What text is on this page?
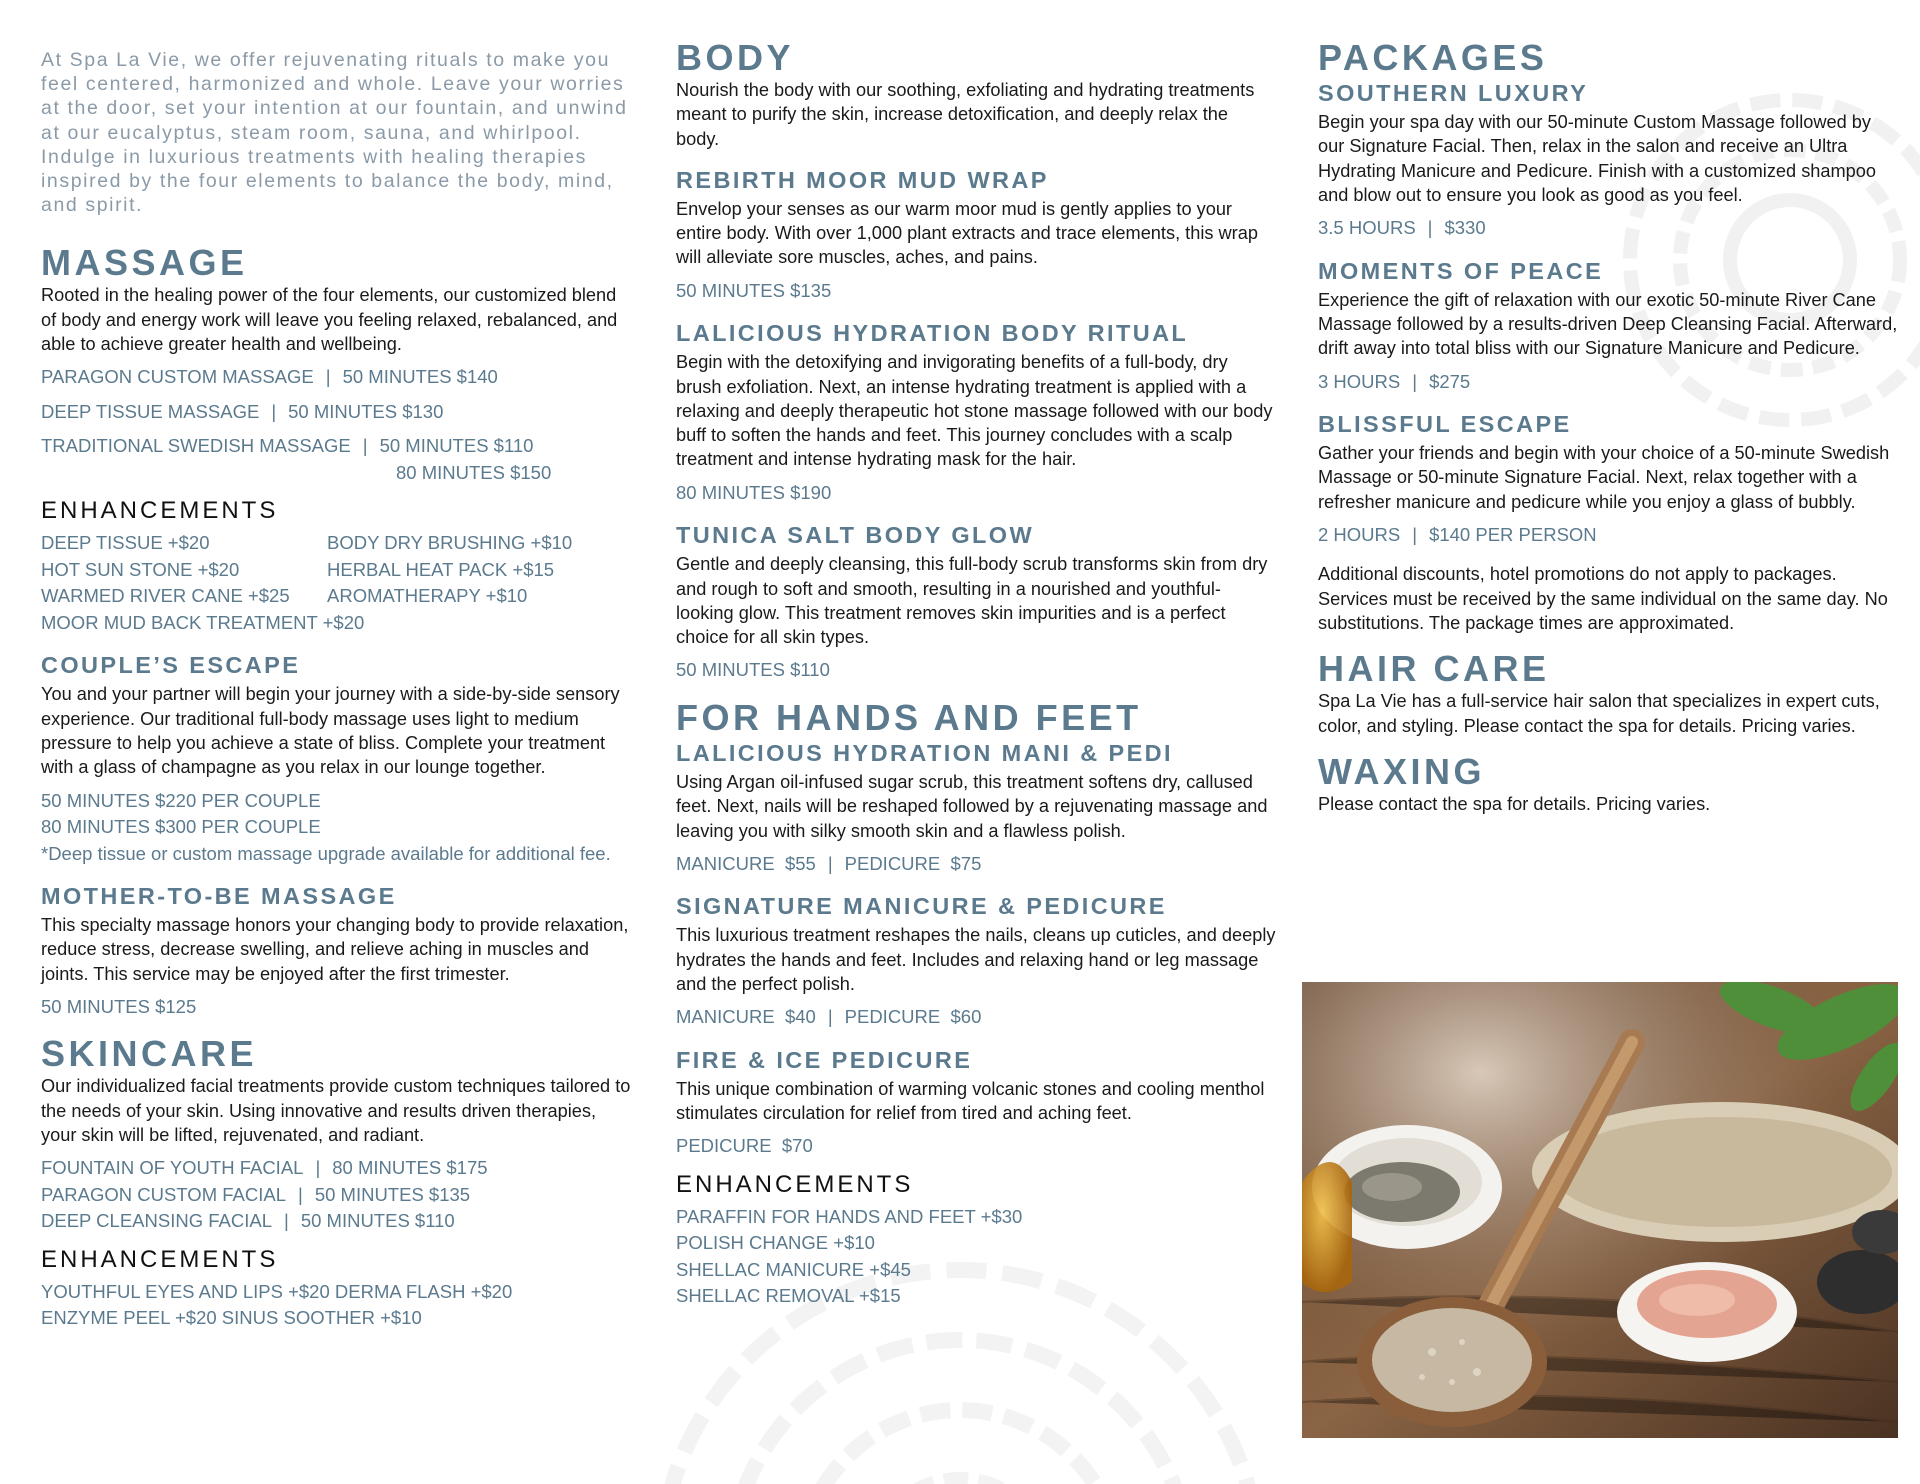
At Spa La Vie, we offer rejuvenating rituals to make you feel centered, harmonized and whole. Leave your worries at the door, set your intention at our fountain, and unwind at our eucalyptus, steam room, sauna, and whirlpool. Indulge in luxurious treatments with healing therapies inspired by the four elements to balance the body, mind, and spirit.

MASSAGE

Rooted in the healing power of the four elements, our customized blend of body and energy work will leave you feeling relaxed, rebalanced, and able to achieve greater health and wellbeing.

PARAGON CUSTOM MASSAGE | 50 MINUTES $140
DEEP TISSUE MASSAGE | 50 MINUTES $130
TRADITIONAL SWEDISH MASSAGE | 50 MINUTES $110
80 MINUTES $150
ENHANCEMENTS
DEEP TISSUE +$20	BODY DRY BRUSHING +$10
HOT SUN STONE +$20	HERBAL HEAT PACK +$15
WARMED RIVER CANE +$25	AROMATHERAPY +$10
MOOR MUD BACK TREATMENT +$20
COUPLE’S ESCAPE

You and your partner will begin your journey with a side-by-side sensory experience. Our traditional full-body massage uses light to medium pressure to help you achieve a state of bliss. Complete your treatment with a glass of champagne as you relax in our lounge together.

50 MINUTES $220 PER COUPLE
80 MINUTES $300 PER COUPLE
*Deep tissue or custom massage upgrade available for additional fee.
MOTHER-TO-BE MASSAGE

This specialty massage honors your changing body to provide relaxation, reduce stress, decrease swelling, and relieve aching in muscles and joints. This service may be enjoyed after the first trimester.

50 MINUTES $125
SKINCARE

Our individualized facial treatments provide custom techniques tailored to the needs of your skin. Using innovative and results driven therapies, your skin will be lifted, rejuvenated, and radiant.

FOUNTAIN OF YOUTH FACIAL | 80 MINUTES $175
PARAGON CUSTOM FACIAL | 50 MINUTES $135
DEEP CLEANSING FACIAL | 50 MINUTES $110
ENHANCEMENTS
YOUTHFUL EYES AND LIPS +$20 DERMA FLASH +$20
ENZYME PEEL +$20 SINUS SOOTHER +$10
BODY

Nourish the body with our soothing, exfoliating and hydrating treatments meant to purify the skin, increase detoxification, and deeply relax the body.

REBIRTH MOOR MUD WRAP

Envelop your senses as our warm moor mud is gently applies to your entire body. With over 1,000 plant extracts and trace elements, this wrap will alleviate sore muscles, aches, and pains.

50 MINUTES $135
LALICIOUS HYDRATION BODY RITUAL

Begin with the detoxifying and invigorating benefits of a full-body, dry brush exfoliation. Next, an intense hydrating treatment is applied with a relaxing and deeply therapeutic hot stone massage followed with our body buff to soften the hands and feet. This journey concludes with a scalp treatment and intense hydrating mask for the hair.

80 MINUTES $190
TUNICA SALT BODY GLOW

Gentle and deeply cleansing, this full-body scrub transforms skin from dry and rough to soft and smooth, resulting in a nourished and youthful-looking glow. This treatment removes skin impurities and is a perfect choice for all skin types.

50 MINUTES $110
FOR HANDS AND FEET
LALICIOUS HYDRATION MANI & PEDI

Using Argan oil-infused sugar scrub, this treatment softens dry, callused feet. Next, nails will be reshaped followed by a rejuvenating massage and leaving you with silky smooth skin and a flawless polish.

MANICURE  $55 | PEDICURE  $75
SIGNATURE MANICURE & PEDICURE

This luxurious treatment reshapes the nails, cleans up cuticles, and deeply hydrates the hands and feet. Includes and relaxing hand or leg massage and the perfect polish.

MANICURE  $40 | PEDICURE  $60
FIRE & ICE PEDICURE

This unique combination of warming volcanic stones and cooling menthol stimulates circulation for relief from tired and aching feet.

PEDICURE  $70
ENHANCEMENTS
PARAFFIN FOR HANDS AND FEET +$30
POLISH CHANGE +$10
SHELLAC MANICURE +$45
SHELLAC REMOVAL +$15
PACKAGES
SOUTHERN LUXURY

Begin your spa day with our 50-minute Custom Massage followed by our Signature Facial. Then, relax in the salon and receive an Ultra Hydrating Manicure and Pedicure. Finish with a customized shampoo and blow out to ensure you look as good as you feel.

3.5 HOURS | $330
MOMENTS OF PEACE

Experience the gift of relaxation with our exotic 50-minute River Cane Massage followed by a results-driven Deep Cleansing Facial. Afterward, drift away into total bliss with our Signature Manicure and Pedicure.

3 HOURS | $275
BLISSFUL ESCAPE

Gather your friends and begin with your choice of a 50-minute Swedish Massage or 50-minute Signature Facial. Next, relax together with a refresher manicure and pedicure while you enjoy a glass of bubbly.

2 HOURS | $140 PER PERSON

Additional discounts, hotel promotions do not apply to packages. Services must be received by the same individual on the same day. No substitutions. The package times are approximated.

HAIR CARE

Spa La Vie has a full-service hair salon that specializes in expert cuts, color, and styling. Please contact the spa for details. Pricing varies.

WAXING

Please contact the spa for details. Pricing varies.
